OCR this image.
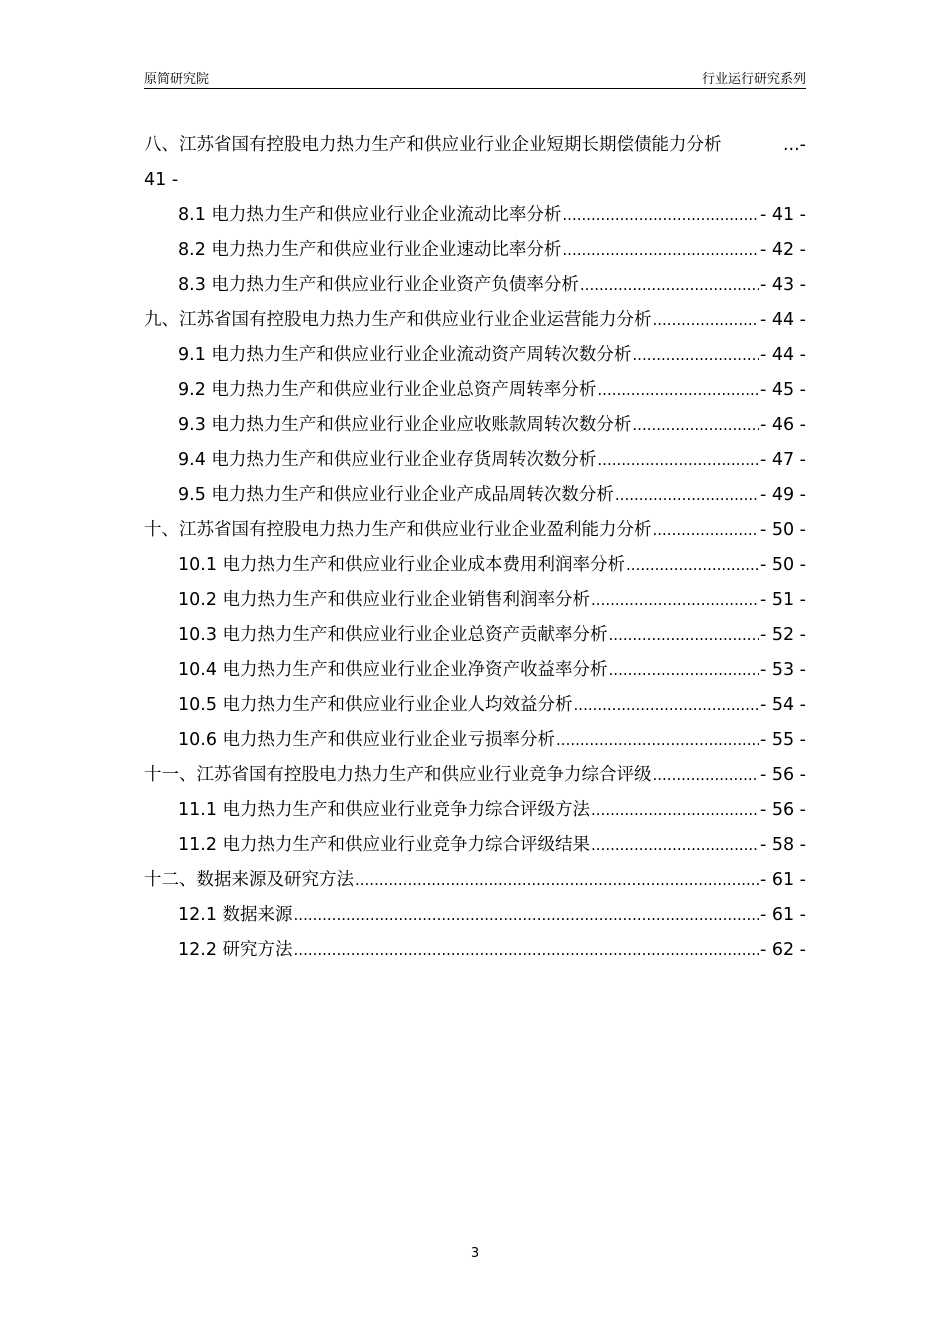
原简研究院	行业运行研究系列
八、江苏省国有控股电力热力生产和供应业行业企业短期长期偿债能力分析	... -
41 -
8.1 电力热力生产和供应业行业企业流动比率分析 .....	- 41 -
8.2 电力热力生产和供应业行业企业速动比率分析 .....	- 42 -
8.3 电力热力生产和供应业行业企业资产负债率分析 .....	- 43 -
九、江苏省国有控股电力热力生产和供应业行业企业运营能力分析 .....	- 44 -
9.1 电力热力生产和供应业行业企业流动资产周转次数分析 .....	- 44 -
9.2 电力热力生产和供应业行业企业总资产周转率分析 .....	- 45 -
9.3 电力热力生产和供应业行业企业应收账款周转次数分析 .....	- 46 -
9.4 电力热力生产和供应业行业企业存货周转次数分析 .....	- 47 -
9.5 电力热力生产和供应业行业企业产成品周转次数分析 .....	- 49 -
十、江苏省国有控股电力热力生产和供应业行业企业盈利能力分析 .....	- 50 -
10.1 电力热力生产和供应业行业企业成本费用利润率分析 .....	- 50 -
10.2 电力热力生产和供应业行业企业销售利润率分析 .....	- 51 -
10.3 电力热力生产和供应业行业企业总资产贡献率分析 .....	- 52 -
10.4 电力热力生产和供应业行业企业净资产收益率分析 .....	- 53 -
10.5 电力热力生产和供应业行业企业人均效益分析 .....	- 54 -
10.6 电力热力生产和供应业行业企业亏损率分析 .....	- 55 -
十一、江苏省国有控股电力热力生产和供应业行业竞争力综合评级 .....	- 56 -
11.1 电力热力生产和供应业行业竞争力综合评级方法 .....	- 56 -
11.2 电力热力生产和供应业行业竞争力综合评级结果 .....	- 58 -
十二、数据来源及研究方法 .....	- 61 -
12.1 数据来源 .....	- 61 -
12.2 研究方法 .....	- 62 -
3
